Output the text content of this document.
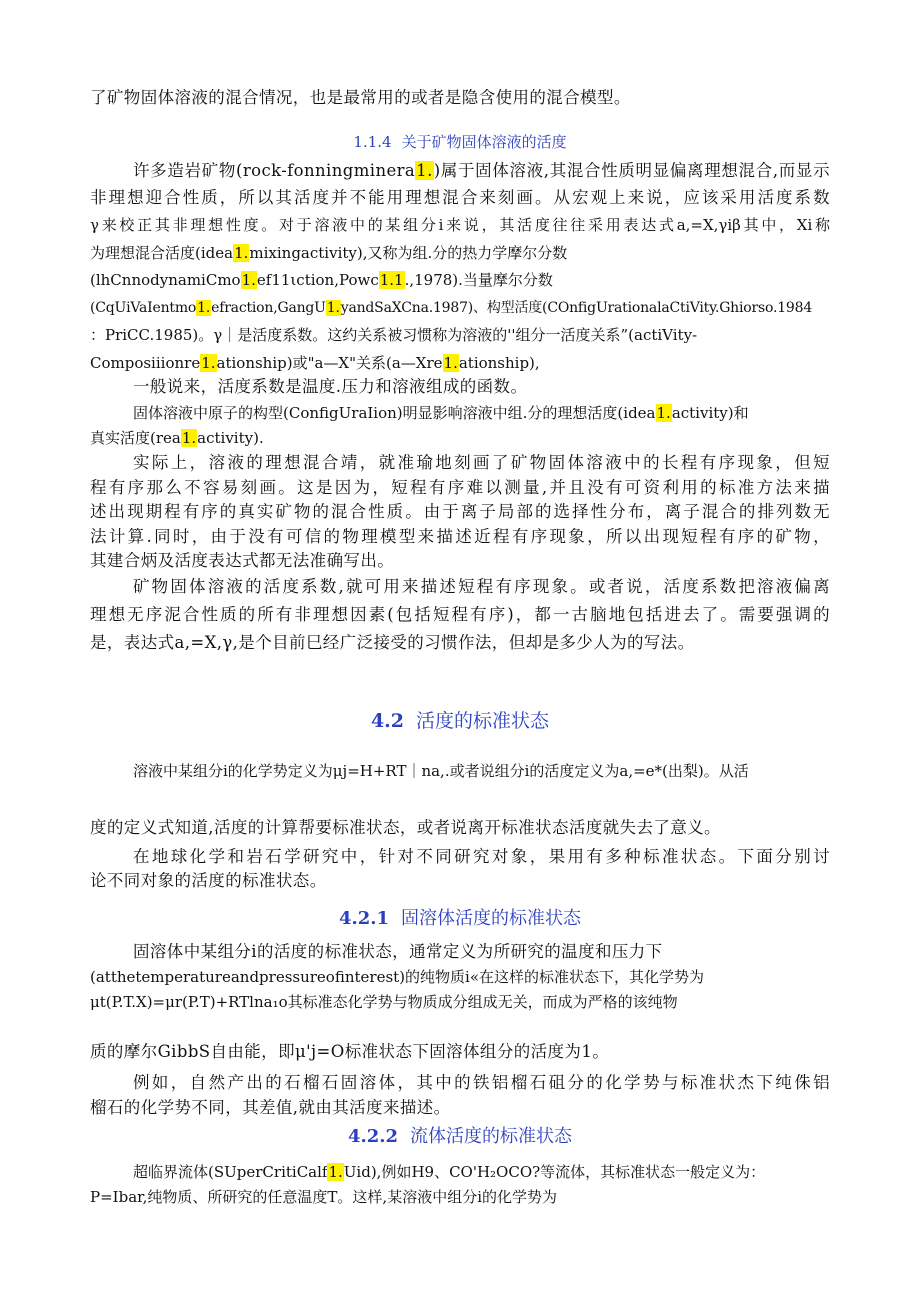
了矿物固体溶液的混合情况，也是最常用的或者是隐含使用的混合模型。
1.1.4 关于矿物固体溶液的活度
许多造岩矿物(rock-fonningminera1.)属于固体溶液,其混合性质明显偏离理想混合,而显示
非理想迎合性质，所以其活度并不能用理想混合来刻画。从宏观上来说，应该采用活度系数
γ来校正其非理想性度。对于溶液中的某组分i来说，其活度往往采用表达式a,=X,γiβ其中，Xi称
为理想混合活度(idea1.mixingactivity),又称为组.分的热力学摩尔分数
(lhCnnodynamiCmo1.ef11ιction,Powc1.1.,1978).当量摩尔分数
(CqUiVaIentmo1.efraction,GangU1.yandSaXCna.1987)、构型活度(COnfigUrationalaCtiVity.Ghiorso.1984
：PriCC.1985)。γ｜是活度系数。这约关系被习惯称为溶液的''组分一活度关系”(actiVity-
Composiiionre1.ationship)或"a—X"关系(a—Xre1.ationship),
一般说来，活度系数是温度.压力和溶液组成的函数。
固体溶液中原子的构型(ConfigUraIion)明显影响溶液中组.分的理想活度(idea1.activity)和
真实活度(rea1.activity).
实际上，溶液的理想混合靖，就准瑜地刻画了矿物固体溶液中的长程有序现象，但短
程有序那么不容易刻画。这是因为，短程有序难以测量,并且没有可资利用的标准方法来描
述出现期程有序的真实矿物的混合性质。由于离子局部的选择性分布，离子混合的排列数无
法计算.同时，由于没有可信的物理模型来描述近程有序现象，所以出现短程有序的矿物，
其建合炳及活度表达式都无法准确写出。
矿物固体溶液的活度系数,就可用来描述短程有序现象。或者说，活度系数把溶液偏离
理想无序泥合性质的所有非理想因素(包括短程有序)，都一古脑地包括进去了。需要强调的
是，表达式a,=X,γ,是个目前巳经广泛接受的习惯作法，但却是多少人为的写法。
4.2 活度的标准状态
溶液中某组分i的化学势定义为μj=H+RT｜na,.或者说组分i的活度定义为a,=e*(出梨)。从活
度的定义式知道,活度的计算帮要标准状态，或者说离开标准状态活度就失去了意义。
在地球化学和岩石学研究中，针对不同研究对象，果用有多种标准状态。下面分别讨
论不同对象的活度的标准状态。
4.2.1 固溶体活度的标准状态
固溶体中某组分i的活度的标准状态，通常定义为所研究的温度和压力下
(atthetemperatureandpressureofinterest)的纯物质i«在这样的标准状态下，其化学势为
μt(P.T.X)=μr(P.T)+RTlna₁o其标准态化学势与物质成分组成无关，而成为严格的该纯物
质的摩尔GibbS自由能，即μ'j=O标准状态下固溶体组分的活度为1。
例如，自然产出的石榴石固溶体，其中的铁铝榴石砠分的化学势与标准状杰下纯侏铝
榴石的化学势不同，其差值,就由其活度来描述。
4.2.2 流体活度的标准状态
超临界流体(SUperCritiCalf1.Uid),例如H9、CO'H₂OCO?等流体，其标准状态一般定义为：
P=Ibar,纯物质、所研究的任意温度T。这样,某溶液中组分i的化学势为
